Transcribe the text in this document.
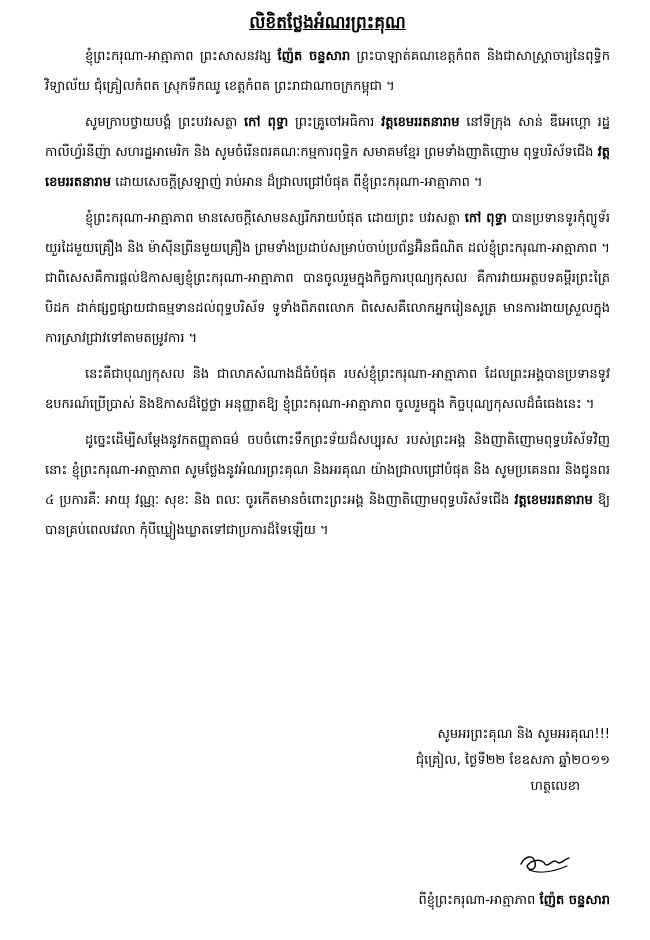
លិខិតថ្លែងអំណរព្រះគុណ
ខ្ញុំព្រះករុណា-អាត្មាភាព ព្រះសាសនវង្ស ញ៉ែត ចន្ទសារា ព្រះបាឡាត់គណខេត្តកំពត និងជាសាស្ត្រាចារ្យនៃពុទ្ធិកវិទ្យាល័យ ជុំគ្រៀលកំពត ស្រុកទឹកឈូ ខេត្តកំពត ព្រះរាជាណាចក្រកម្ពុជា ។
សូមក្រាបថ្វាយបង្គំ ព្រះបវរសត្ថា កៅ ពុទ្ធា ព្រះគ្រូចៅអធិការ វត្តខេមររតនារាម នៅទីក្រុង សាន់ ឌីអេហ្គោ រដ្ឋកាលីហ្វ័រនីញ៉ា សហរដ្ឋអាមេរិក និង សូមចំរើនពរគណៈកម្មការពុទ្ធិក សមាគមខ្មែរ ព្រមទាំងញាតិញោម ពុទ្ធបរិស័ទជើង វត្តខេមររតនារាម ដោយសេចក្តីស្រឡាញ់ រាប់អាន ដ៏ជ្រាលជ្រៅបំផុត ពីខ្ញុំព្រះករុណា-អាត្មាភាព ។
ខ្ញុំព្រះករុណា-អាត្មាភាព មានសេចក្តីសោមនស្សរីករាយបំផុត ដោយព្រះ បវរសត្ថា កៅ ពុទ្ធា បានប្រទានទូរកុំព្យូទ័រយួរដៃមួយគ្រឿង និង ម៉ាស៊ីនព្រីនមួយគ្រឿង ព្រមទាំងប្រដាប់សម្រាប់ចាប់ប្រព័ន្ធអ៊ិនធឺណិត ដល់ខ្ញុំព្រះករុណា-អាត្មាភាព ។ ជាពិសេសគឺការផ្តល់ឱកាសឲ្យខ្ញុំព្រះករុណា-អាត្មាភាព បានចូលរួមក្នុងកិច្ចការបុណ្យកុសល គឺការវាយអត្ថបទគម្ពីរព្រះត្រៃបិដក ដាក់ផ្សព្វផ្សាយជាធម្មទានដល់ពុទ្ធបរិស័ទ ទូទាំងពិភពលោក ពិសេសគឺលោកអ្នករៀនសូត្រ មានការងាយស្រួលក្នុងការស្រាវជ្រាវទៅតាមតម្រូវការ ។
នេះគឺជាបុណ្យកុសល និង ជាលាភសំណាងដ៏ធំបំផុត របស់ខ្ញុំព្រះករុណា-អាត្មាភាព ដែលព្រះអង្គបានប្រទានទូវឧបករណ៍ប្រើប្រាស់ និងឱកាសដ៏ថ្លៃថ្លា អនុញ្ញាតឱ្យ ខ្ញុំព្រះករុណា-អាត្មាភាព ចូលរួមក្នុង កិច្ចបុណ្យកុសលដ៏ធំធេងនេះ ។
ដូច្នេះដើម្បីសម្តែងនូវកតញ្ញុតាធម៌ ចបចំពោះទឹកព្រះទ័យដ៏សប្បុរស របស់ព្រះអង្គ និងញាតិញោមពុទ្ធបរិស័ទវិញនោះ ខ្ញុំព្រះករុណា-អាត្មាភាព សូមថ្លែងនូវអំណរព្រះគុណ និងអរគុណ យ៉ាងជ្រាលជ្រៅបំផុត និង សូមប្រគេនពរ និងជូនពរ ៤ ប្រការគឺៈ អាយុ វណ្ណៈ សុខៈ និង ពលៈ ចូរកើតមានចំពោះព្រះអង្គ និងញាតិញោមពុទ្ធបរិស័ទជើង វត្តខេមររតនារាម ឱ្យបានគ្រប់ពេលវេលា កុំបីឃ្លៀងឃ្លាតទៅជាប្រការដ៏ទៃឡើយ ។
សូមអរព្រះគុណ និង សូមអរគុណ!!!
ជុំគ្រៀល, ថ្ងៃទី២២ ខែឧសភា ឆ្នាំ២០១១
ហត្ថលេខា
ពីខ្ញុំព្រះករុណា-អាត្មាភាព ញ៉ែត ចន្ទសារា
